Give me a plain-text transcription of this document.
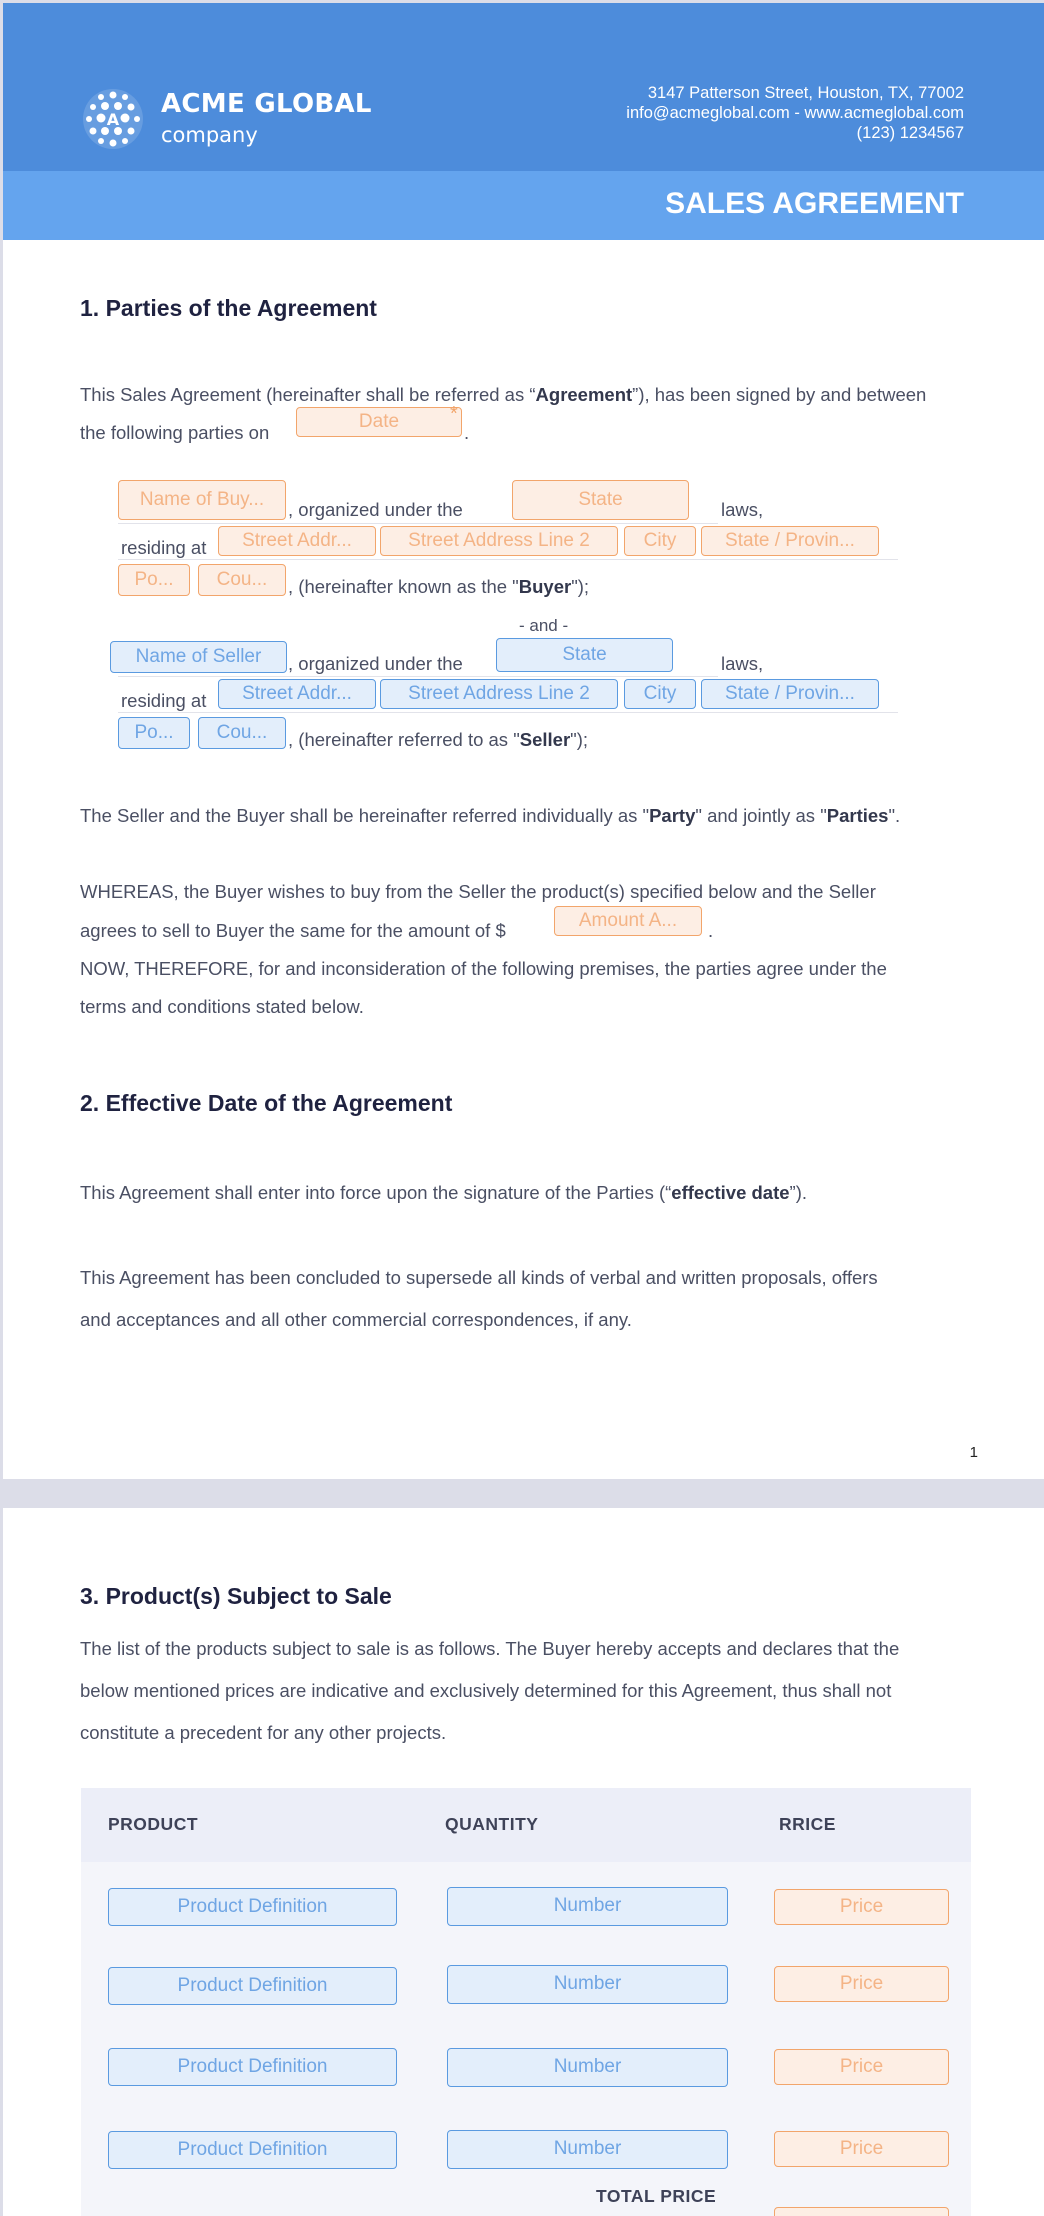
A
ACME GLOBAL
company
3147 Patterson Street, Houston, TX, 77002
info@acmeglobal.com - www.acmeglobal.com
(123) 1234567
SALES AGREEMENT
1. Parties of the Agreement
This Sales Agreement (hereinafter shall be referred as “Agreement”), has been signed by and between
the following parties on
Date	*
.
Name of Buy...	, organized under the	State	laws,
residing at	Street Addr...	Street Address Line 2	City	State / Provin...
Po...	Cou...	, (hereinafter known as the "Buyer");
- and -
Name of Seller	, organized under the	State	laws,
residing at	Street Addr...	Street Address Line 2	City	State / Provin...
Po...	Cou...	, (hereinafter referred to as "Seller");
The Seller and the Buyer shall be hereinafter referred individually as "Party" and jointly as "Parties".
WHEREAS, the Buyer wishes to buy from the Seller the product(s) specified below and the Seller
agrees to sell to Buyer the same for the amount of $	Amount A...	.
NOW, THEREFORE, for and inconsideration of the following premises, the parties agree under the
terms and conditions stated below.
2. Effective Date of the Agreement
This Agreement shall enter into force upon the signature of the Parties (“effective date”).
This Agreement has been concluded to supersede all kinds of verbal and written proposals, offers
and acceptances and all other commercial correspondences, if any.
1
3. Product(s) Subject to Sale
The list of the products subject to sale is as follows. The Buyer hereby accepts and declares that the
below mentioned prices are indicative and exclusively determined for this Agreement, thus shall not
constitute a precedent for any other projects.
PRODUCT	QUANTITY	RRICE
Product Definition	Number	Price
Product Definition	Number	Price
Product Definition	Number	Price
Product Definition	Number	Price
TOTAL PRICE
